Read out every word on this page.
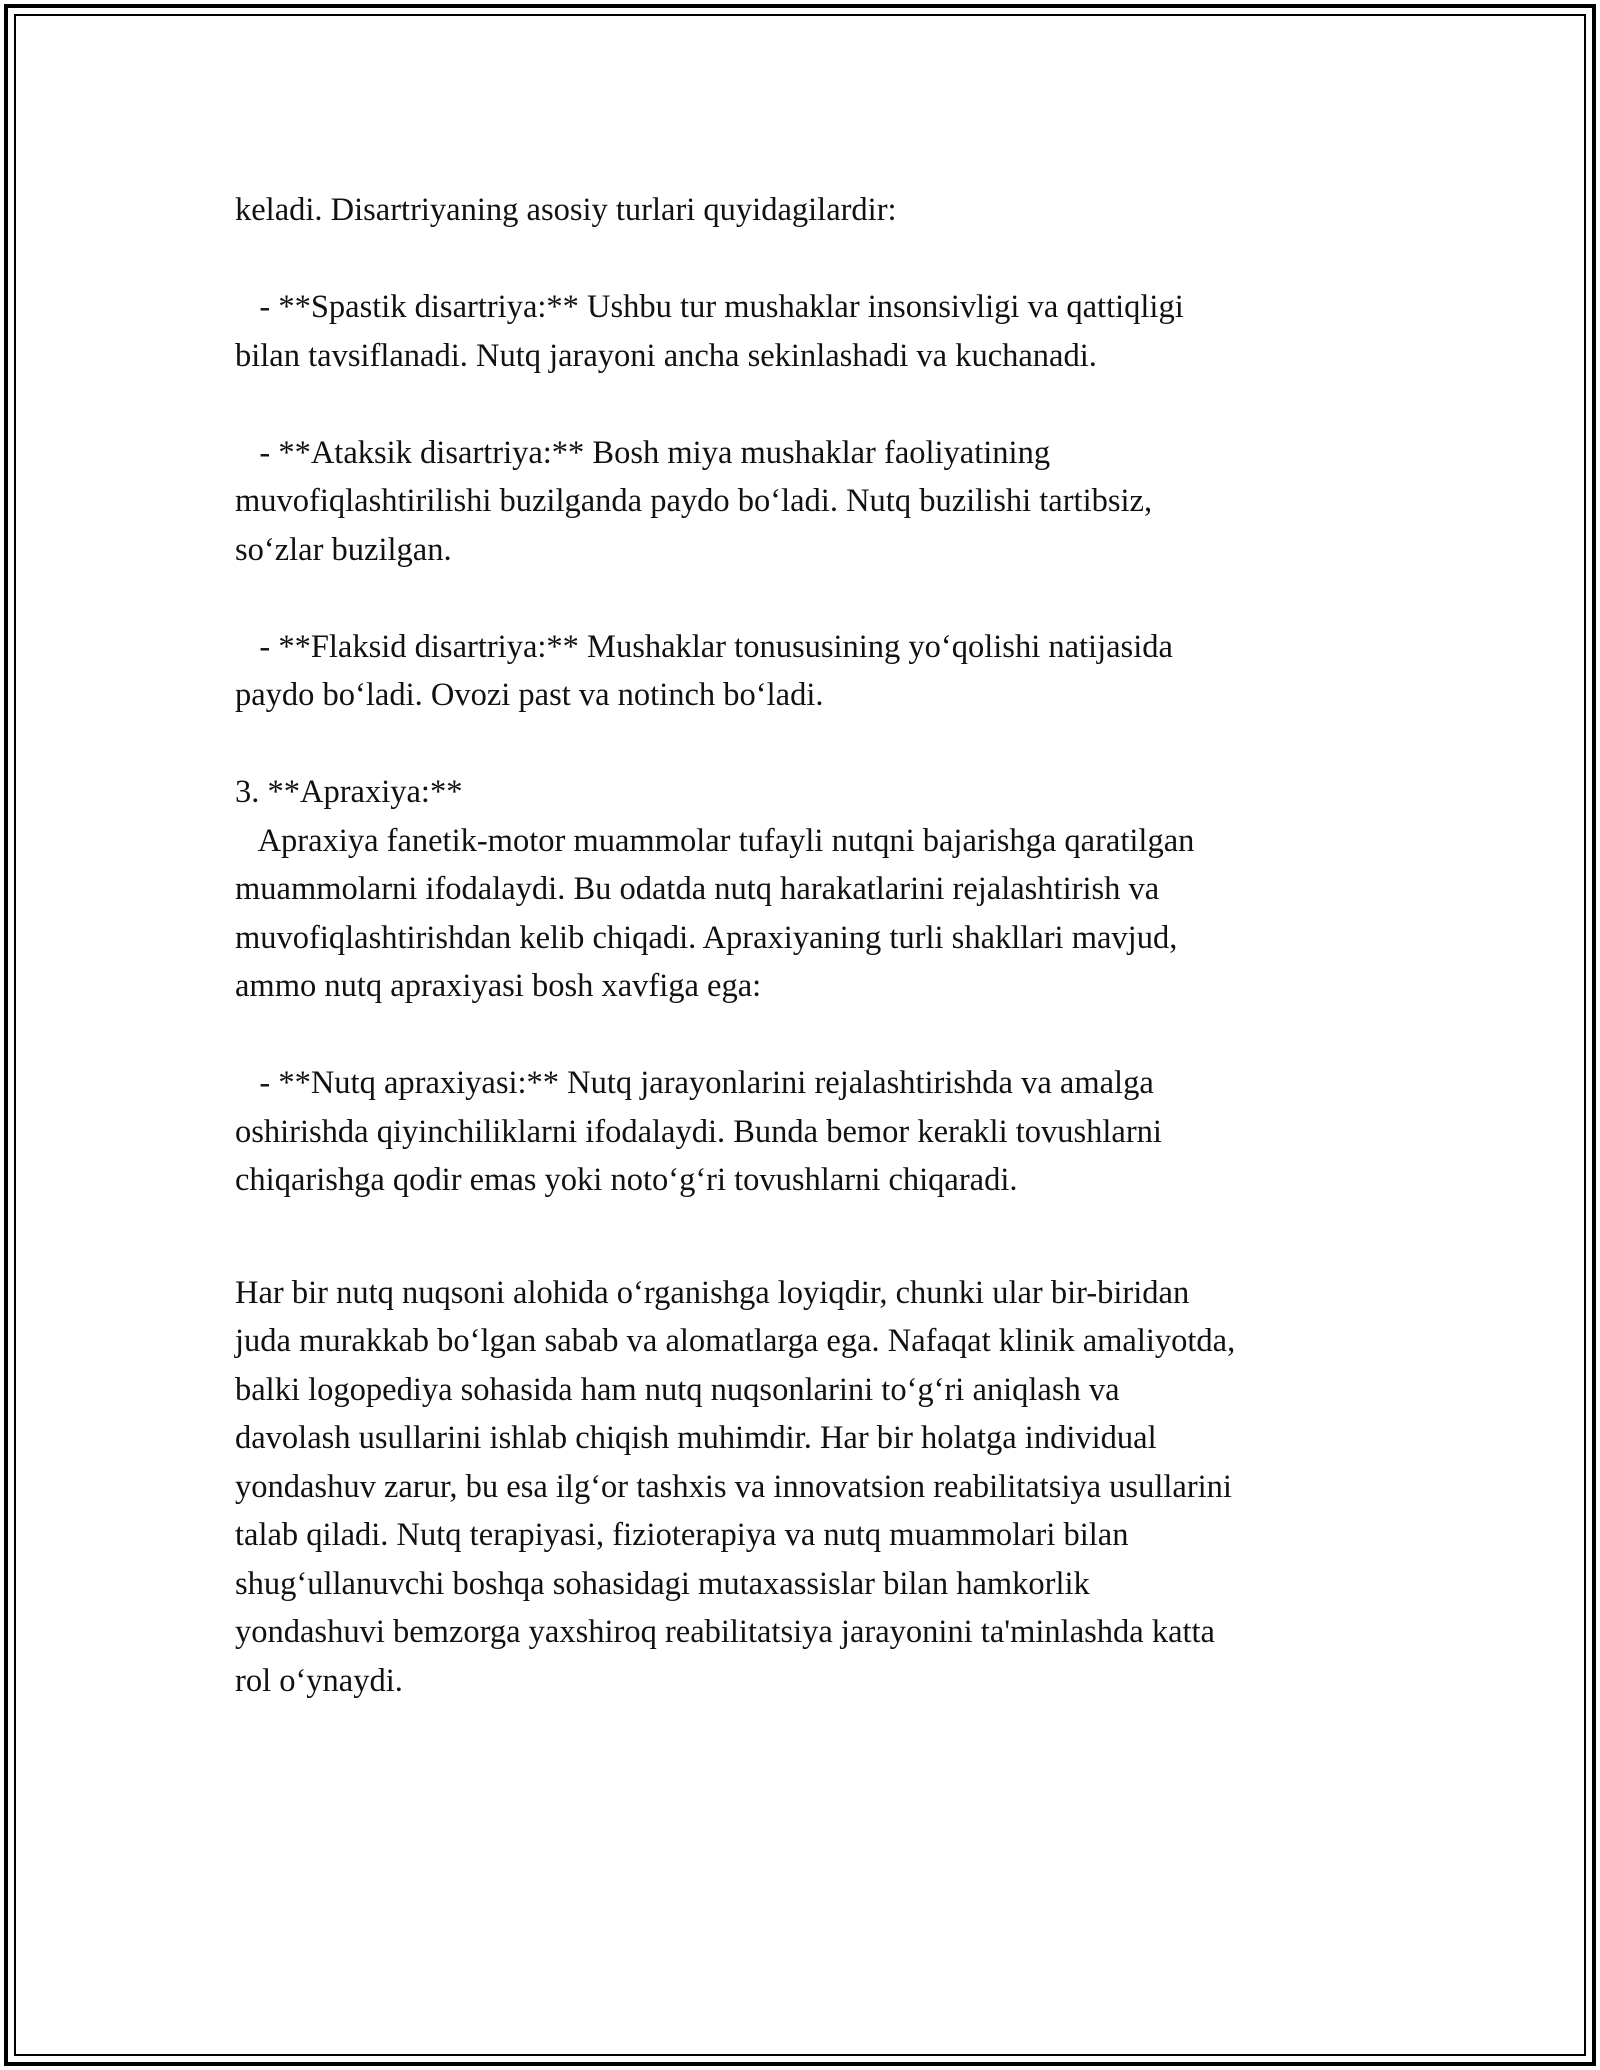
keladi. Disartriyaning asosiy turlari quyidagilardir:
- **Spastik disartriya:** Ushbu tur mushaklar insonsivligi va qattiqligi
bilan tavsiflanadi. Nutq jarayoni ancha sekinlashadi va kuchanadi.
- **Ataksik disartriya:** Bosh miya mushaklar faoliyatining
muvofiqlashtirilishi buzilganda paydo bo‘ladi. Nutq buzilishi tartibsiz,
so‘zlar buzilgan.
- **Flaksid disartriya:** Mushaklar tonususining yo‘qolishi natijasida
paydo bo‘ladi. Ovozi past va notinch bo‘ladi.
3. **Apraxiya:**
Apraxiya fanetik-motor muammolar tufayli nutqni bajarishga qaratilgan
muammolarni ifodalaydi. Bu odatda nutq harakatlarini rejalashtirish va
muvofiqlashtirishdan kelib chiqadi. Apraxiyaning turli shakllari mavjud,
ammo nutq apraxiyasi bosh xavfiga ega:
- **Nutq apraxiyasi:** Nutq jarayonlarini rejalashtirishda va amalga
oshirishda qiyinchiliklarni ifodalaydi. Bunda bemor kerakli tovushlarni
chiqarishga qodir emas yoki noto‘g‘ri tovushlarni chiqaradi.
Har bir nutq nuqsoni alohida o‘rganishga loyiqdir, chunki ular bir-biridan
juda murakkab bo‘lgan sabab va alomatlarga ega. Nafaqat klinik amaliyotda,
balki logopediya sohasida ham nutq nuqsonlarini to‘g‘ri aniqlash va
davolash usullarini ishlab chiqish muhimdir. Har bir holatga individual
yondashuv zarur, bu esa ilg‘or tashxis va innovatsion reabilitatsiya usullarini
talab qiladi. Nutq terapiyasi, fizioterapiya va nutq muammolari bilan
shug‘ullanuvchi boshqa sohasidagi mutaxassislar bilan hamkorlik
yondashuvi bemzorga yaxshiroq reabilitatsiya jarayonini ta'minlashda katta
rol o‘ynaydi.
